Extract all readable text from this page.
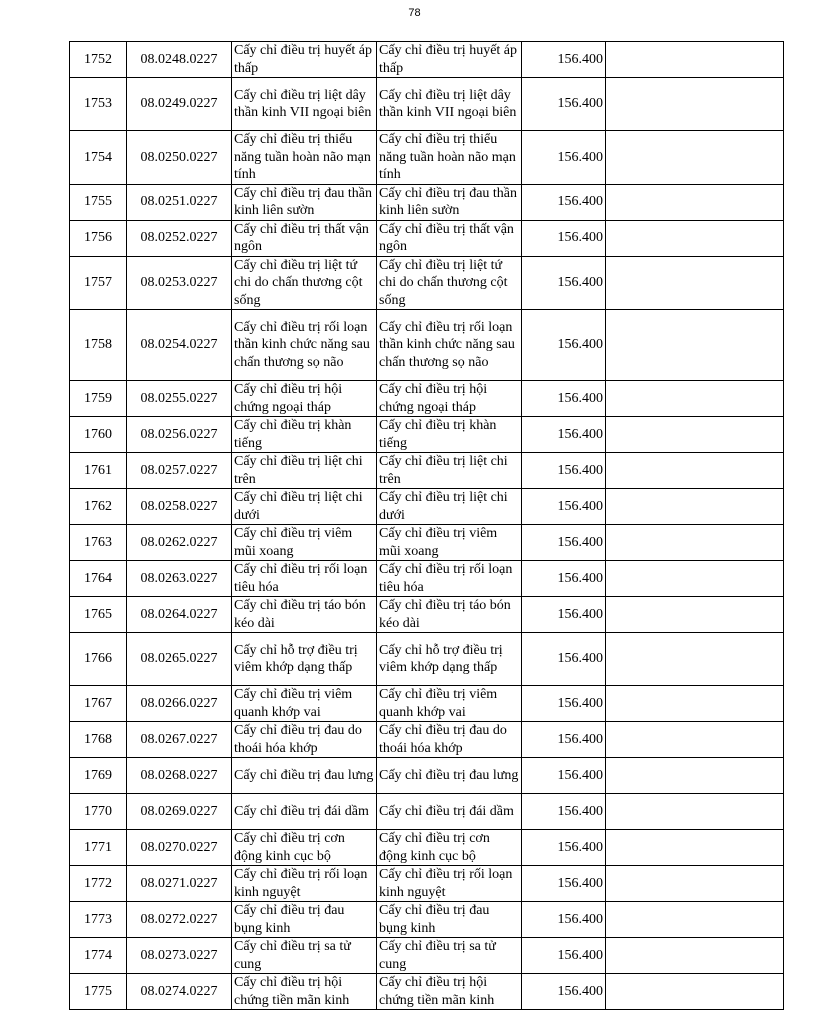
78
1752	08.0248.0227	Cấy chỉ điều trị huyết áp thấp	Cấy chỉ điều trị huyết áp thấp	156.400	
1753	08.0249.0227	Cấy chỉ điều trị liệt dây thần kinh VII ngoại biên	Cấy chỉ điều trị liệt dây thần kinh VII ngoại biên	156.400	
1754	08.0250.0227	Cấy chỉ điều trị thiểu năng tuần hoàn não mạn tính	Cấy chỉ điều trị thiểu năng tuần hoàn não mạn tính	156.400	
1755	08.0251.0227	Cấy chỉ điều trị đau thần kinh liên sườn	Cấy chỉ điều trị đau thần kinh liên sườn	156.400	
1756	08.0252.0227	Cấy chỉ điều trị thất vận ngôn	Cấy chỉ điều trị thất vận ngôn	156.400	
1757	08.0253.0227	Cấy chỉ điều trị liệt tứ chi do chấn thương cột sống	Cấy chỉ điều trị liệt tứ chi do chấn thương cột sống	156.400	
1758	08.0254.0227	Cấy chỉ điều trị rối loạn thần kinh chức năng sau chấn thương sọ não	Cấy chỉ điều trị rối loạn thần kinh chức năng sau chấn thương sọ não	156.400	
1759	08.0255.0227	Cấy chỉ điều trị hội chứng ngoại tháp	Cấy chỉ điều trị hội chứng ngoại tháp	156.400	
1760	08.0256.0227	Cấy chỉ điều trị khàn tiếng	Cấy chỉ điều trị khàn tiếng	156.400	
1761	08.0257.0227	Cấy chỉ điều trị liệt chi trên	Cấy chỉ điều trị liệt chi trên	156.400	
1762	08.0258.0227	Cấy chỉ điều trị liệt chi dưới	Cấy chỉ điều trị liệt chi dưới	156.400	
1763	08.0262.0227	Cấy chỉ điều trị viêm mũi xoang	Cấy chỉ điều trị viêm mũi xoang	156.400	
1764	08.0263.0227	Cấy chỉ điều trị rối loạn tiêu hóa	Cấy chỉ điều trị rối loạn tiêu hóa	156.400	
1765	08.0264.0227	Cấy chỉ điều trị táo bón kéo dài	Cấy chỉ điều trị táo bón kéo dài	156.400	
1766	08.0265.0227	Cấy chỉ hỗ trợ điều trị viêm khớp dạng thấp	Cấy chỉ hỗ trợ điều trị viêm khớp dạng thấp	156.400	
1767	08.0266.0227	Cấy chỉ điều trị viêm quanh khớp vai	Cấy chỉ điều trị viêm quanh khớp vai	156.400	
1768	08.0267.0227	Cấy chỉ điều trị đau do thoái hóa khớp	Cấy chỉ điều trị đau do thoái hóa khớp	156.400	
1769	08.0268.0227	Cấy chỉ điều trị đau lưng	Cấy chỉ điều trị đau lưng	156.400	
1770	08.0269.0227	Cấy chỉ điều trị đái dầm	Cấy chỉ điều trị đái dầm	156.400	
1771	08.0270.0227	Cấy chỉ điều trị cơn động kinh cục bộ	Cấy chỉ điều trị cơn động kinh cục bộ	156.400	
1772	08.0271.0227	Cấy chỉ điều trị rối loạn kinh nguyệt	Cấy chỉ điều trị rối loạn kinh nguyệt	156.400	
1773	08.0272.0227	Cấy chỉ điều trị đau bụng kinh	Cấy chỉ điều trị đau bụng kinh	156.400	
1774	08.0273.0227	Cấy chỉ điều trị sa tử cung	Cấy chỉ điều trị sa tử cung	156.400	
1775	08.0274.0227	Cấy chỉ điều trị hội chứng tiền mãn kinh	Cấy chỉ điều trị hội chứng tiền mãn kinh	156.400	
